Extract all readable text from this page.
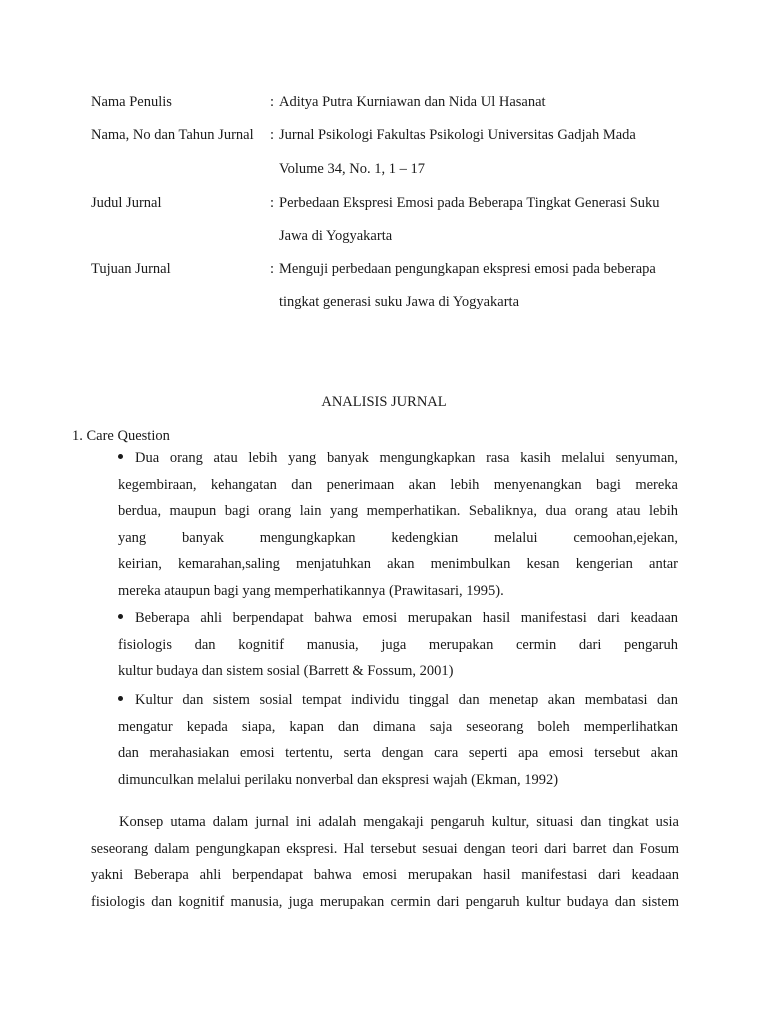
Nama Penulis	: Aditya Putra Kurniawan dan Nida Ul Hasanat
Nama, No dan Tahun Jurnal : Jurnal Psikologi Fakultas Psikologi Universitas Gadjah Mada
Volume 34, No. 1, 1 – 17
Judul Jurnal	: Perbedaan Ekspresi Emosi pada Beberapa Tingkat Generasi Suku
Jawa di Yogyakarta
Tujuan Jurnal	: Menguji perbedaan pengungkapan ekspresi emosi pada beberapa
tingkat generasi suku Jawa di Yogyakarta
ANALISIS JURNAL
1. Care Question
Dua orang atau lebih yang banyak mengungkapkan rasa kasih melalui senyuman,
kegembiraan, kehangatan dan penerimaan akan lebih menyenangkan bagi mereka
berdua, maupun bagi orang lain yang memperhatikan. Sebaliknya, dua orang atau lebih
yang banyak mengungkapkan kedengkian melalui cemoohan,ejekan,
keirian, kemarahan,saling menjatuhkan akan menimbulkan kesan kengerian antar
mereka ataupun bagi yang memperhatikannya (Prawitasari, 1995).
Beberapa ahli berpendapat bahwa emosi merupakan hasil manifestasi dari keadaan
fisiologis dan kognitif manusia, juga merupakan cermin dari pengaruh
kultur budaya dan sistem sosial (Barrett & Fossum, 2001)
Kultur dan sistem sosial tempat individu tinggal dan menetap akan membatasi dan
mengatur kepada siapa, kapan dan dimana saja seseorang boleh memperlihatkan
dan merahasiakan emosi tertentu, serta dengan cara seperti apa emosi tersebut akan
dimunculkan melalui perilaku nonverbal dan ekspresi wajah (Ekman, 1992)
Konsep utama dalam jurnal ini adalah mengakaji pengaruh kultur, situasi dan tingkat usia
seseorang dalam pengungkapan ekspresi. Hal tersebut sesuai dengan teori dari barret dan Fosum
yakni Beberapa ahli berpendapat bahwa emosi merupakan hasil manifestasi dari keadaan
fisiologis dan kognitif manusia, juga merupakan cermin dari pengaruh kultur budaya dan sistem
